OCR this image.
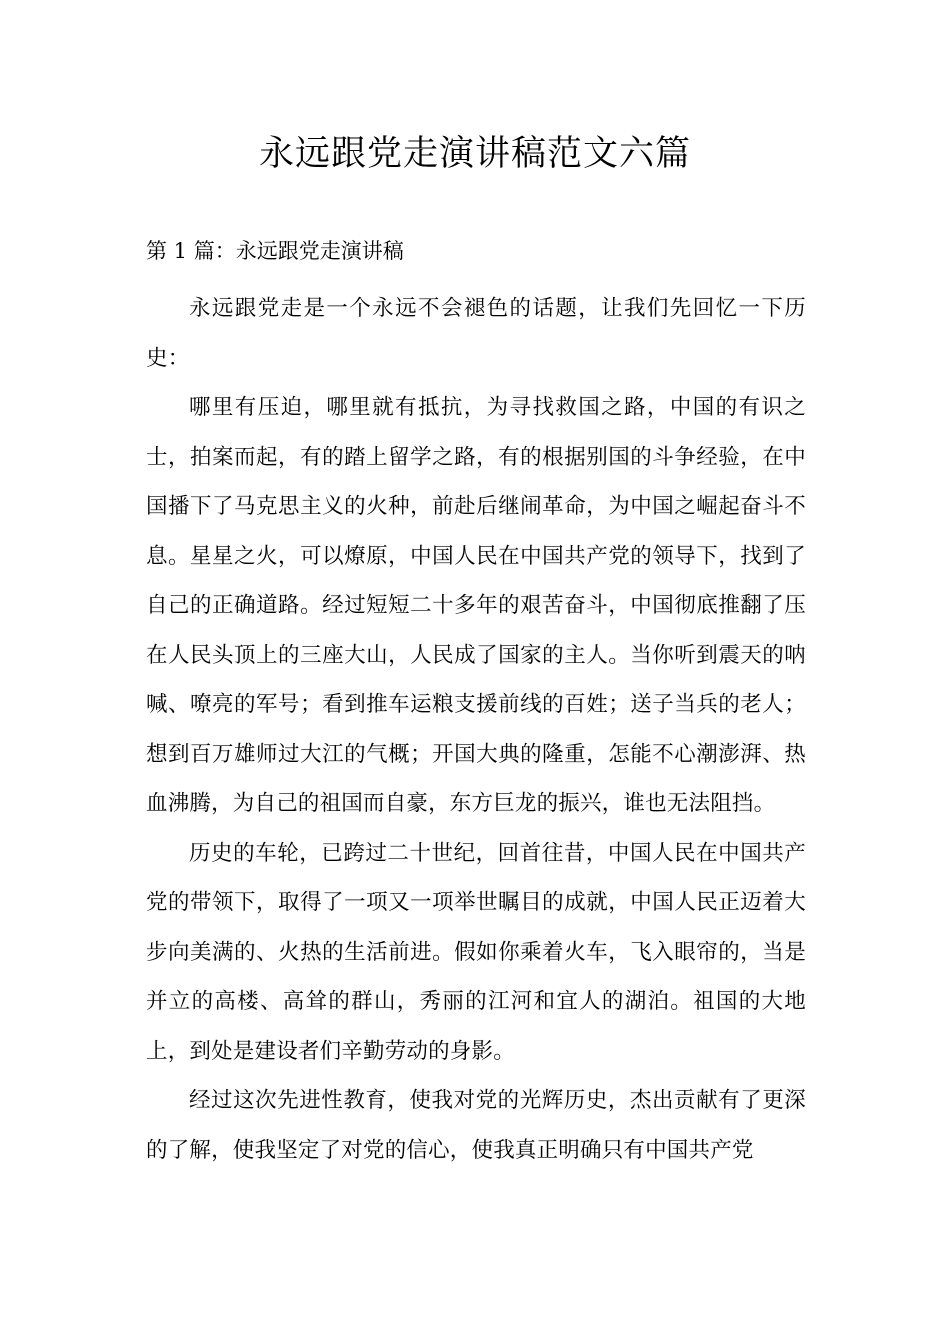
永远跟党走演讲稿范文六篇
第 1 篇：永远跟党走演讲稿

永远跟党走是一个永远不会褪色的话题，让我们先回忆一下历史：

哪里有压迫，哪里就有抵抗，为寻找救国之路，中国的有识之士，拍案而起，有的踏上留学之路，有的根据别国的斗争经验，在中国播下了马克思主义的火种，前赴后继闹革命，为中国之崛起奋斗不息。星星之火，可以燎原，中国人民在中国共产党的领导下，找到了自己的正确道路。经过短短二十多年的艰苦奋斗，中国彻底推翻了压在人民头顶上的三座大山，人民成了国家的主人。当你听到震天的呐喊、嘹亮的军号；看到推车运粮支援前线的百姓；送子当兵的老人；想到百万雄师过大江的气概；开国大典的隆重，怎能不心潮澎湃、热血沸腾，为自己的祖国而自豪，东方巨龙的振兴，谁也无法阻挡。

历史的车轮，已跨过二十世纪，回首往昔，中国人民在中国共产党的带领下，取得了一项又一项举世瞩目的成就，中国人民正迈着大步向美满的、火热的生活前进。假如你乘着火车，飞入眼帘的，当是并立的高楼、高耸的群山，秀丽的江河和宜人的湖泊。祖国的大地上，到处是建设者们辛勤劳动的身影。

经过这次先进性教育，使我对党的光辉历史，杰出贡献有了更深的了解，使我坚定了对党的信心，使我真正明确只有中国共产党
